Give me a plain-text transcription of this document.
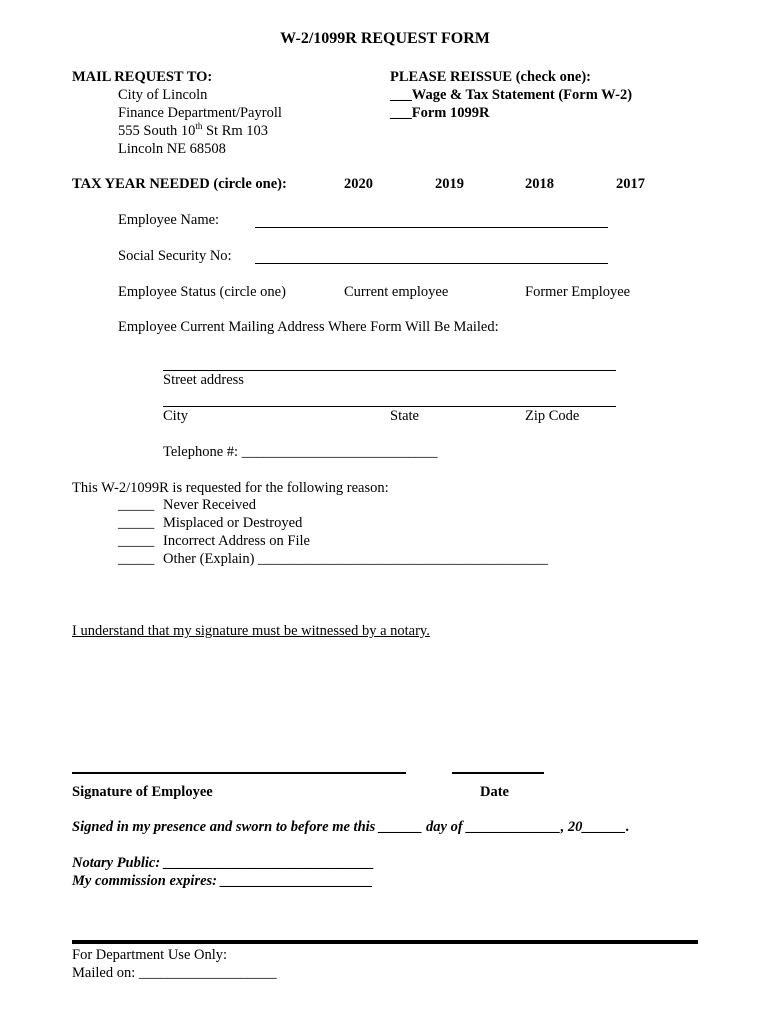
W-2/1099R REQUEST FORM
MAIL REQUEST TO:
City of Lincoln
Finance Department/Payroll
555 South 10th St Rm 103
Lincoln NE 68508
PLEASE REISSUE (check one):
___Wage & Tax Statement (Form W-2)
___Form 1099R
TAX YEAR NEEDED (circle one):	2020	2019	2018	2017
Employee Name:
Social Security No:
Employee Status (circle one)	Current employee	Former Employee
Employee Current Mailing Address Where Form Will Be Mailed:
Street address
City	State	Zip Code
Telephone #: ___________________________
This W-2/1099R is requested for the following reason:
_____ Never Received
_____ Misplaced or Destroyed
_____ Incorrect Address on File
_____ Other (Explain) ________________________________________
I understand that my signature must be witnessed by a notary.
Signature of Employee	Date
Signed in my presence and sworn to before me this ______ day of _____________, 20______.
Notary Public: _____________________________
My commission expires: _____________________
For Department Use Only:
Mailed on: ___________________
